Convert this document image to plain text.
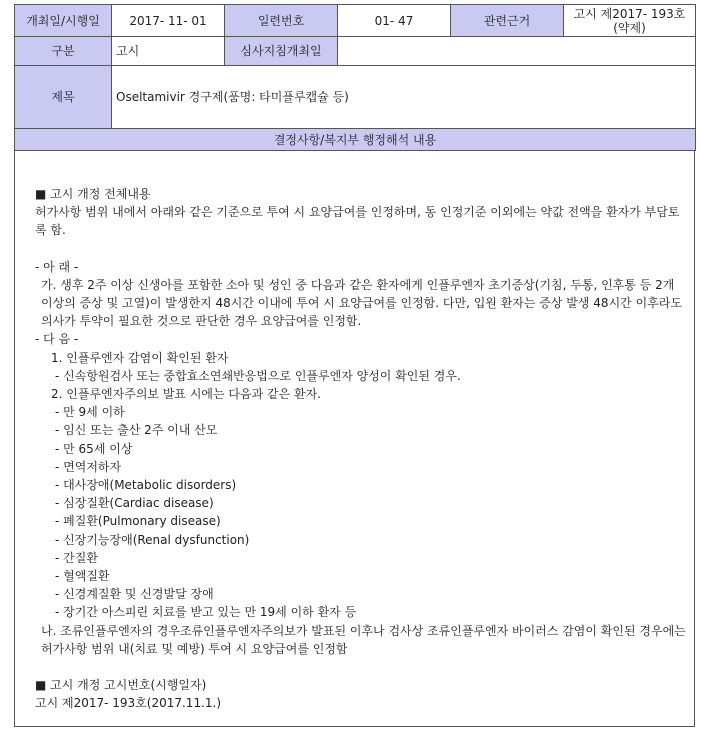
개최일/시행일	2017- 11- 01	일련번호	01- 47	관련근거	고시 제2017- 193호(약제)
구분	고시	심사지침개최일			
제목	Oseltamivir 경구제(품명: 타미플루캡슐 등)				
결정사항/복지부 행정해석 내용					

■ 고시 개정 전체내용

허가사항 범위 내에서 아래와 같은 기준으로 투여 시 요양급여를 인정하며, 동 인정기준 이외에는 약값 전액을 환자가 부담토록 함.

- 아 래 -

가. 생후 2주 이상 신생아를 포함한 소아 및 성인 중 다음과 같은 환자에게 인플루엔자 초기증상(기침, 두통, 인후통 등 2개 이상의 증상 및 고열)이 발생한지 48시간 이내에 투여 시 요양급여를 인정함. 다만, 입원 환자는 증상 발생 48시간 이후라도 의사가 투약이 필요한 것으로 판단한 경우 요양급여를 인정함.

- 다 음 -

1. 인플루엔자 감염이 확인된 환자

- 신속항원검사 또는 중합효소연쇄반응법으로 인플루엔자 양성이 확인된 경우.

2. 인플루엔자주의보 발표 시에는 다음과 같은 환자.

- 만 9세 이하

- 임신 또는 출산 2주 이내 산모

- 만 65세 이상

- 면역저하자

- 대사장애(Metabolic disorders)

- 심장질환(Cardiac disease)

- 폐질환(Pulmonary disease)

- 신장기능장애(Renal dysfunction)

- 간질환

- 혈액질환

- 신경계질환 및 신경발달 장애

- 장기간 아스피린 치료를 받고 있는 만 19세 이하 환자 등

나. 조류인플루엔자의 경우조류인플루엔자주의보가 발표된 이후나 검사상 조류인플루엔자 바이러스 감염이 확인된 경우에는 허가사항 범위 내(치료 및 예방) 투여 시 요양급여를 인정함

■ 고시 개정 고시번호(시행일자)

고시 제2017- 193호(2017.11.1.)
